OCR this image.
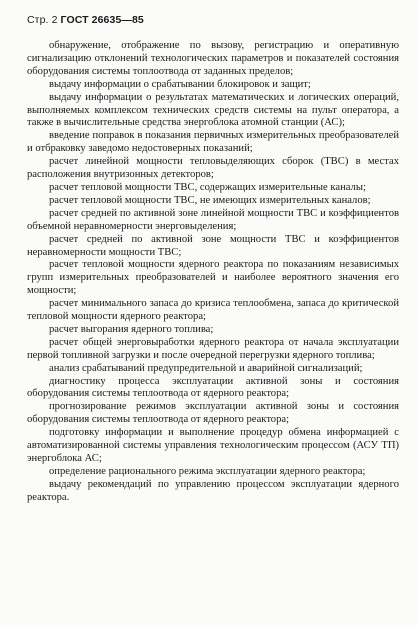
Стр. 2 ГОСТ 26635—85

обнаружение, отображение по вызову, регистрацию и оперативную сигнализацию отклонений технологических параметров и показателей состояния оборудования системы топлоотвода от заданных пределов;

выдачу информации о срабатывании блокировок и защит;

выдачу информации о результатах математических и логических операций, выполняемых комплексом технических средств системы на пульт оператора, а также в вычислительные средства энергоблока атомной станции (АС);

введение поправок в показания первичных измерительных преобразователей и отбраковку заведомо недостоверных показаний;

расчет линейной мощности тепловыделяющих сборок (ТВС) в местах расположения внутризонных детекторов;

расчет тепловой мощности ТВС, содержащих измерительные каналы;

расчет тепловой мощности ТВС, не имеющих измерительных каналов;

расчет средней по активной зоне линейной мощности ТВС и коэффициентов объемной неравномерности энерговыделения;

расчет средней по активной зоне мощности ТВС и коэффициентов неравномерности мощности ТВС;

расчет тепловой мощности ядерного реактора по показаниям независимых групп измерительных преобразователей и наиболее вероятного значения его мощности;

расчет минимального запаса до кризиса теплообмена, запаса до критической тепловой мощности ядерного реактора;

расчет выгорания ядерного топлива;

расчет общей энерговыработки ядерного реактора от начала эксплуатации первой топливной загрузки и после очередной перегрузки ядерного топлива;

анализ срабатываний предупредительной и аварийной сигнализаций;

диагностику процесса эксплуатации активной зоны и состояния оборудования системы теплоотвода от ядерного реактора;

прогнозирование режимов эксплуатации активной зоны и состояния оборудования системы теплоотвода от ядерного реактора;

подготовку информации и выполнение процедур обмена информацией с автоматизированной системы управления технологическим процессом (АСУ ТП) энергоблока АС;

определение рационального режима эксплуатации ядерного реактора;

выдачу рекомендаций по управлению процессом эксплуатации ядерного реактора.
